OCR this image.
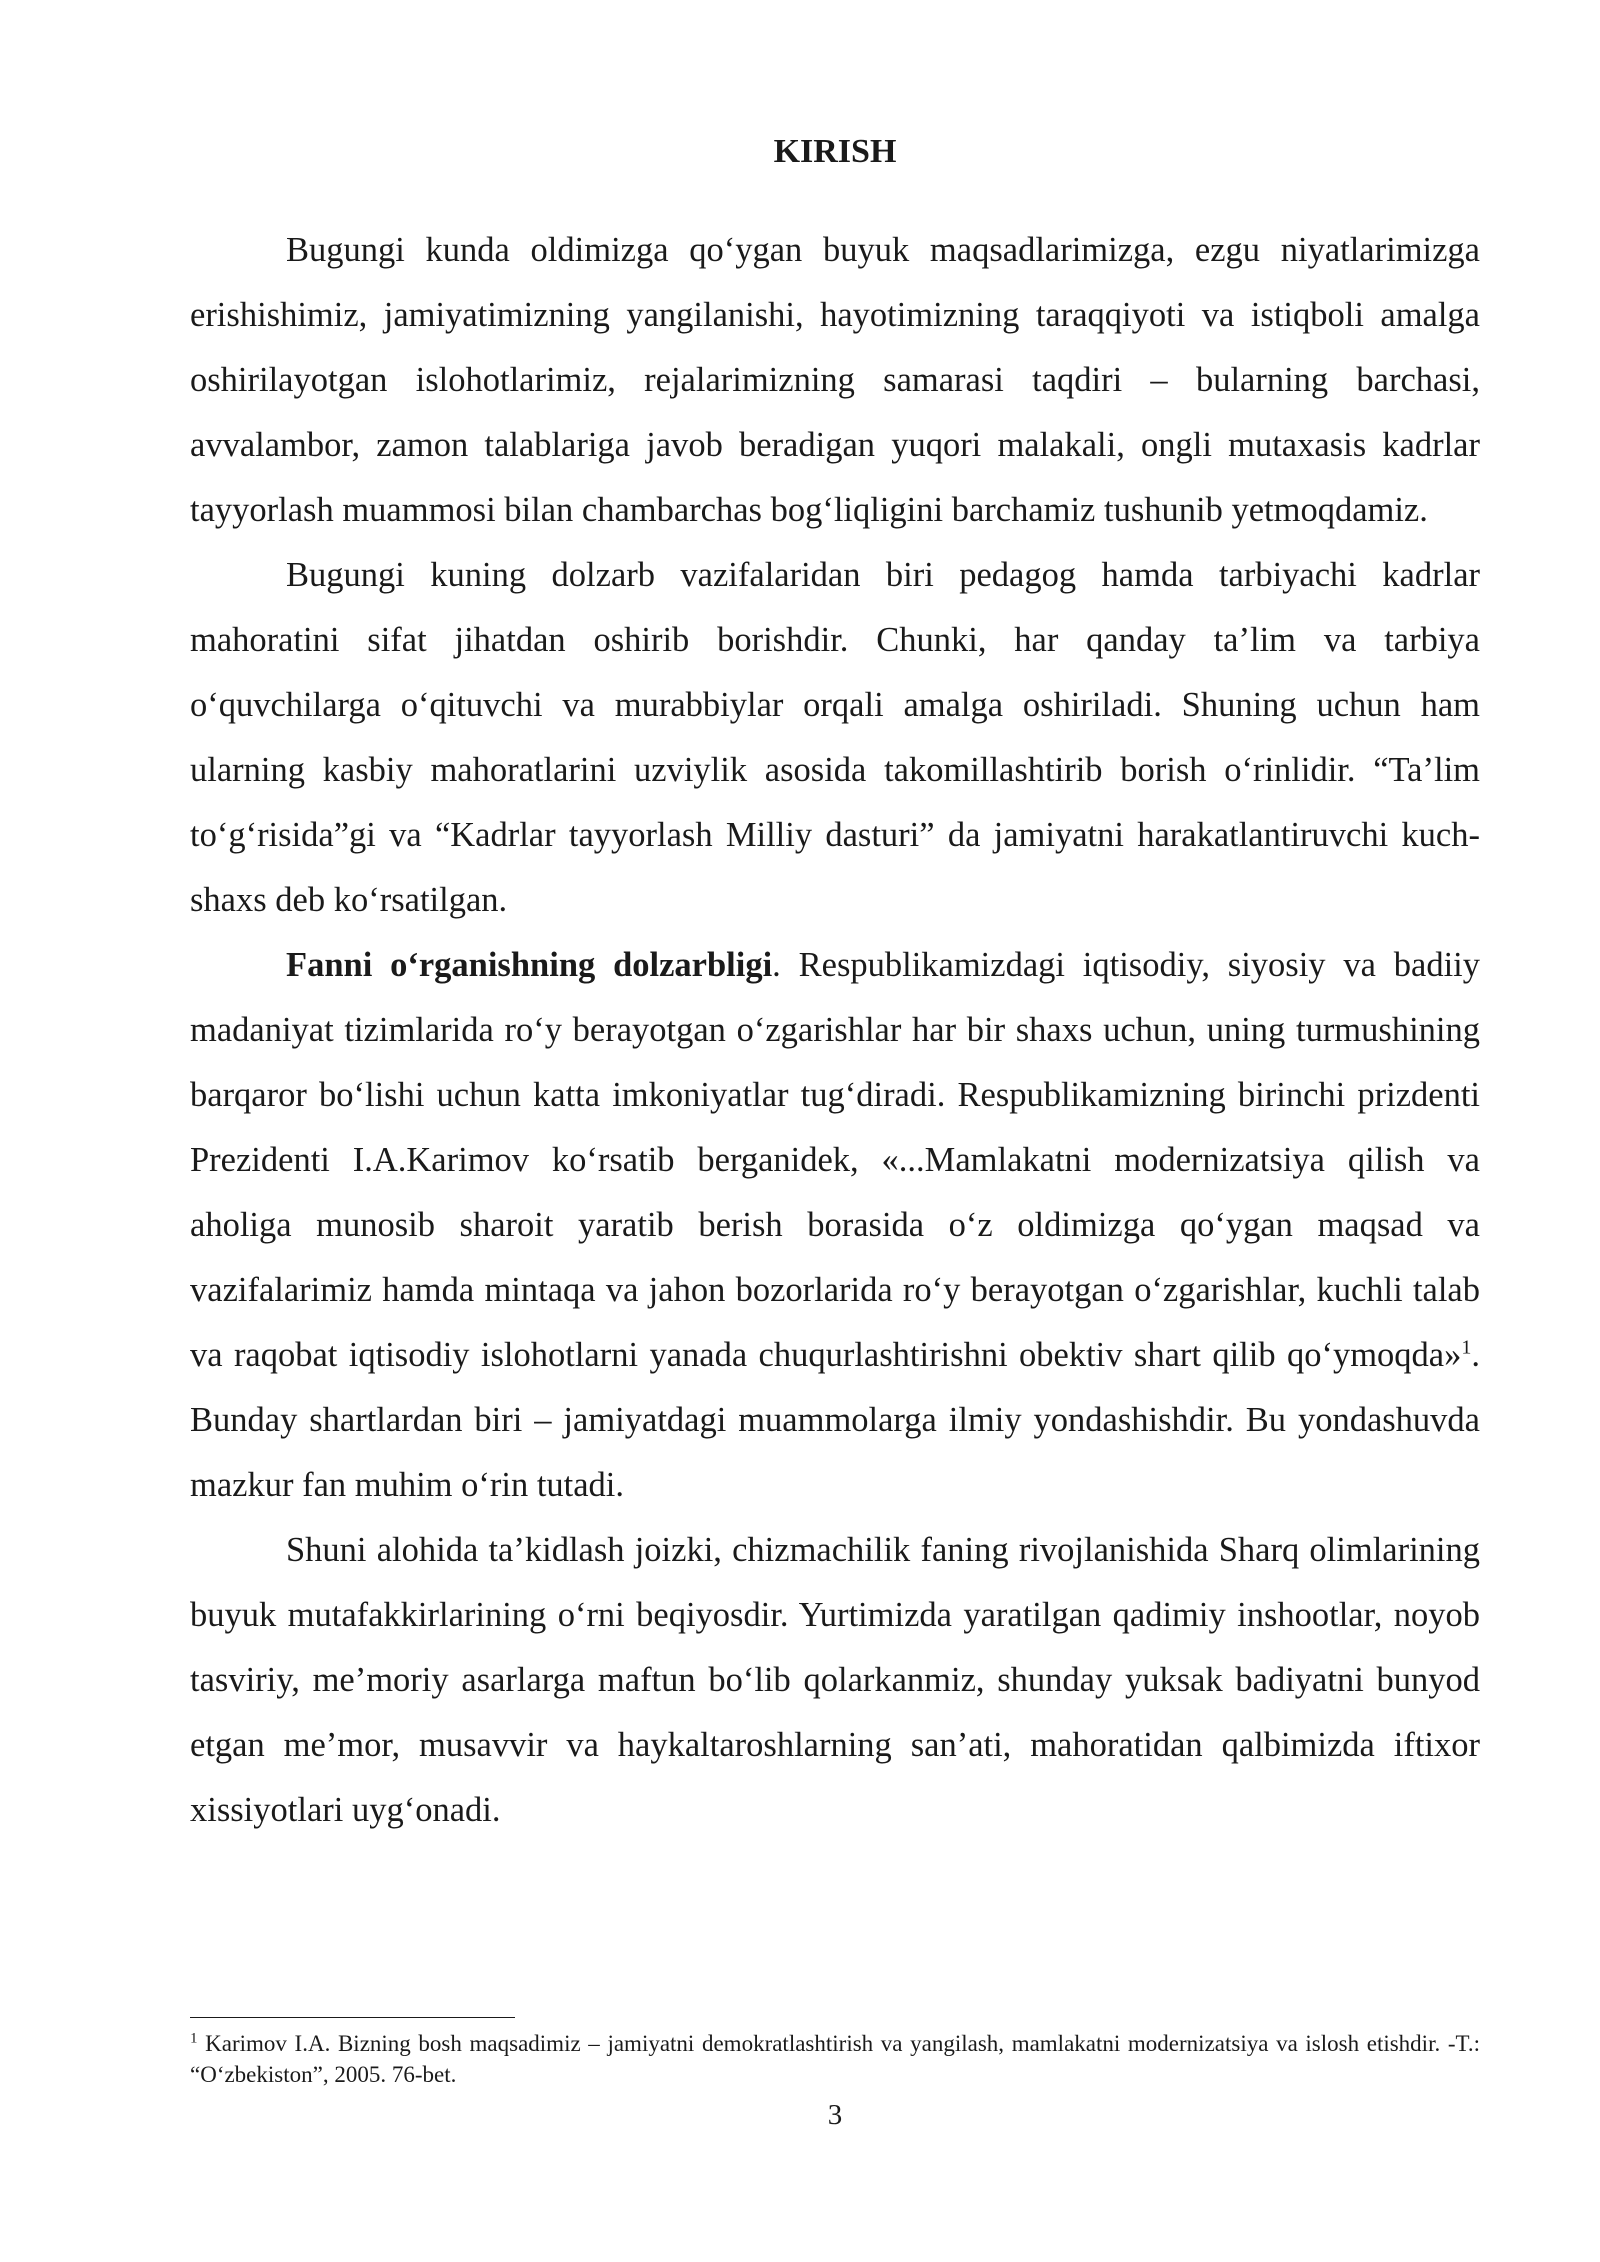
KIRISH

Bugungi kunda oldimizga qo‘ygan buyuk maqsadlarimizga, ezgu niyatlarimizga erishishimiz, jamiyatimizning yangilanishi, hayotimizning taraqqiyoti va istiqboli amalga oshirilayotgan islohotlarimiz, rejalarimizning samarasi taqdiri – bularning barchasi, avvalambor, zamon talablariga javob beradigan yuqori malakali, ongli mutaxasis kadrlar tayyorlash muammosi bilan chambarchas bog‘liqligini barchamiz tushunib yetmoqdamiz.

Bugungi kuning dolzarb vazifalaridan biri pedagog hamda tarbiyachi kadrlar mahoratini sifat jihatdan oshirib borishdir. Chunki, har qanday ta’lim va tarbiya o‘quvchilarga o‘qituvchi va murabbiylar orqali amalga oshiriladi. Shuning uchun ham ularning kasbiy mahoratlarini uzviylik asosida takomillashtirib borish o‘rinlidir. “Ta’lim to‘g‘risida”gi va “Kadrlar tayyorlash Milliy dasturi” da jamiyatni harakatlantiruvchi kuch-shaxs deb ko‘rsatilgan.

Fanni o‘rganishning dolzarbligi. Respublikamizdagi iqtisodiy, siyosiy va badiiy madaniyat tizimlarida ro‘y berayotgan o‘zgarishlar har bir shaxs uchun, uning turmushining barqaror bo‘lishi uchun katta imkoniyatlar tug‘diradi. Respublikamizning birinchi prizdenti Prezidenti I.A.Karimov ko‘rsatib berganidek, «...Mamlakatni modernizatsiya qilish va aholiga munosib sharoit yaratib berish borasida o‘z oldimizga qo‘ygan maqsad va vazifalarimiz hamda mintaqa va jahon bozorlarida ro‘y berayotgan o‘zgarishlar, kuchli talab va raqobat iqtisodiy islohotlarni yanada chuqurlashtirishni obektiv shart qilib qo‘ymoqda»$^1$. Bunday shartlardan biri – jamiyatdagi muammolarga ilmiy yondashishdir. Bu yondashuvda mazkur fan muhim o‘rin tutadi.

Shuni alohida ta’kidlash joizki, chizmachilik faning rivojlanishida Sharq olimlarining buyuk mutafakkirlarining o‘rni beqiyosdir. Yurtimizda yaratilgan qadimiy inshootlar, noyob tasviriy, me’moriy asarlarga maftun bo‘lib qolarkanmiz, shunday yuksak badiyatni bunyod etgan me’mor, musavvir va haykaltaroshlarning san’ati, mahoratidan qalbimizda iftixor xissiyotlari uyg‘onadi.

$^1$ Karimov I.A. Bizning bosh maqsadimiz – jamiyatni demokratlashtirish va yangilash, mamlakatni modernizatsiya va islosh etishdir. -T.: “O‘zbekiston”, 2005. 76-bet.
3
